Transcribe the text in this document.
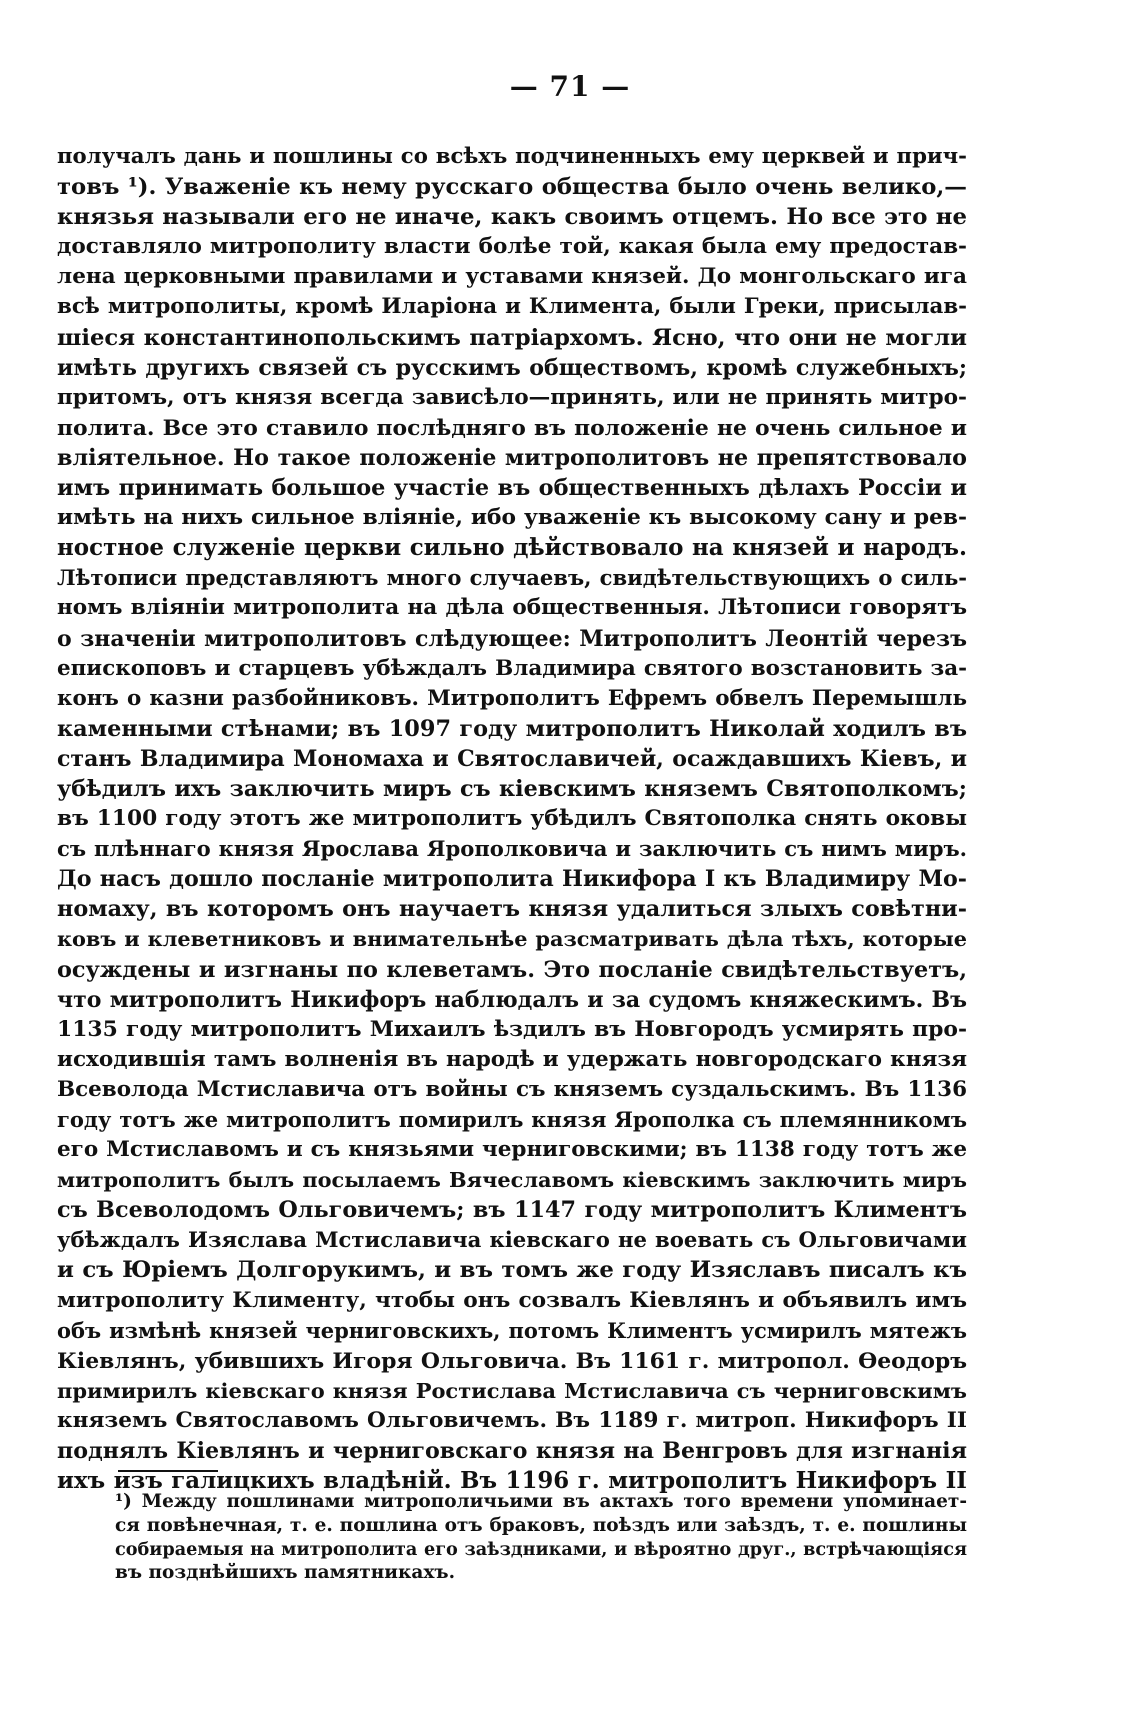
— 71 —
получалъ дань и пошлины со всѣхъ подчиненныхъ ему церквей и прич-
товъ ¹). Уваженіе къ нему русскаго общества было очень велико,—
князья называли его не иначе, какъ своимъ отцемъ. Но все это не
доставляло митрополиту власти болѣе той, какая была ему предостав-
лена церковными правилами и уставами князей. До монгольскаго ига
всѣ митрополиты, кромѣ Иларіона и Климента, были Греки, присылав-
шіеся константинопольскимъ патріархомъ. Ясно, что они не могли
имѣть другихъ связей съ русскимъ обществомъ, кромѣ служебныхъ;
притомъ, отъ князя всегда зависѣло—принять, или не принять митро-
полита. Все это ставило послѣдняго въ положеніе не очень сильное и
вліятельное. Но такое положеніе митрополитовъ не препятствовало
имъ принимать большое участіе въ общественныхъ дѣлахъ Россіи и
имѣть на нихъ сильное вліяніе, ибо уваженіе къ высокому сану и рев-
ностное служеніе церкви сильно дѣйствовало на князей и народъ.
Лѣтописи представляютъ много случаевъ, свидѣтельствующихъ о силь-
номъ вліяніи митрополита на дѣла общественныя. Лѣтописи говорятъ
о значеніи митрополитовъ слѣдующее: Митрополитъ Леонтій черезъ
епископовъ и старцевъ убѣждалъ Владимира святого возстановить за-
конъ о казни разбойниковъ. Митрополитъ Ефремъ обвелъ Перемышль
каменными стѣнами; въ 1097 году митрополитъ Николай ходилъ въ
станъ Владимира Мономаха и Святославичей, осаждавшихъ Кіевъ, и
убѣдилъ ихъ заключить миръ съ кіевскимъ княземъ Святополкомъ;
въ 1100 году этотъ же митрополитъ убѣдилъ Святополка снять оковы
съ плѣннаго князя Ярослава Ярополковича и заключить съ нимъ миръ.
До насъ дошло посланіе митрополита Никифора I къ Владимиру Мо-
номаху, въ которомъ онъ научаетъ князя удалиться злыхъ совѣтни-
ковъ и клеветниковъ и внимательнѣе разсматривать дѣла тѣхъ, которые
осуждены и изгнаны по клеветамъ. Это посланіе свидѣтельствуетъ,
что митрополитъ Никифоръ наблюдалъ и за судомъ княжескимъ. Въ
1135 году митрополитъ Михаилъ ѣздилъ въ Новгородъ усмирять про-
исходившія тамъ волненія въ народѣ и удержать новгородскаго князя
Всеволода Мстиславича отъ войны съ княземъ суздальскимъ. Въ 1136
году тотъ же митрополитъ помирилъ князя Ярополка съ племянникомъ
его Мстиславомъ и съ князьями черниговскими; въ 1138 году тотъ же
митрополитъ былъ посылаемъ Вячеславомъ кіевскимъ заключить миръ
съ Всеволодомъ Ольговичемъ; въ 1147 году митрополитъ Климентъ
убѣждалъ Изяслава Мстиславича кіевскаго не воевать съ Ольговичами
и съ Юріемъ Долгорукимъ, и въ томъ же году Изяславъ писалъ къ
митрополиту Клименту, чтобы онъ созвалъ Кіевлянъ и объявилъ имъ
объ измѣнѣ князей черниговскихъ, потомъ Климентъ усмирилъ мятежъ
Кіевлянъ, убившихъ Игоря Ольговича. Въ 1161 г. митропол. Ѳеодоръ
примирилъ кіевскаго князя Ростислава Мстиславича съ черниговскимъ
княземъ Святославомъ Ольговичемъ. Въ 1189 г. митроп. Никифоръ II
поднялъ Кіевлянъ и черниговскаго князя на Венгровъ для изгнанія
ихъ изъ галицкихъ владѣній. Въ 1196 г. митрополитъ Никифоръ II
¹) Между пошлинами митрополичьими въ актахъ того времени упоминает-
ся повѣнечная, т. е. пошлина отъ браковъ, поѣздъ или заѣздъ, т. е. пошлины
собираемыя на митрополита его заѣздниками, и вѣроятно друг., встрѣчающіяся
въ позднѣйшихъ памятникахъ.
